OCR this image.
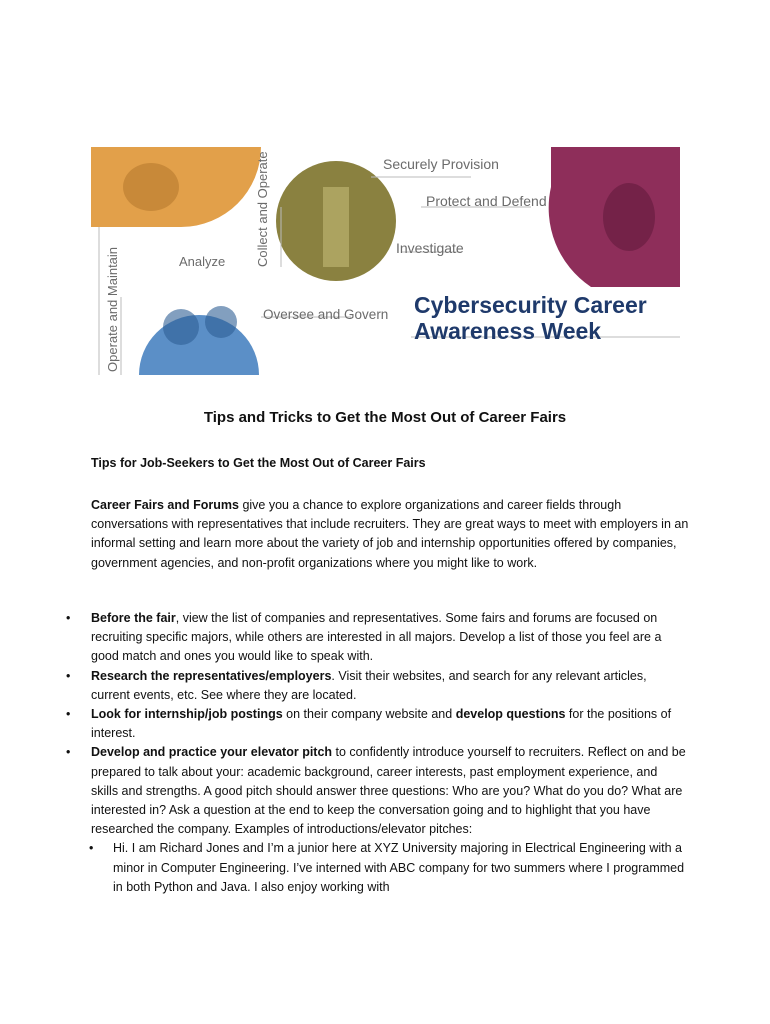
Operate and Maintain	Analyze Collect and Operate	Securely Provision
Protect and Defend
Investigate
Oversee and Govern Cybersecurity Career
Awareness Week
Tips and Tricks to Get the Most Out of Career Fairs
Tips for Job-Seekers to Get the Most Out of Career Fairs
Career Fairs and Forums give you a chance to explore organizations and career fields through conversations with representatives that include recruiters. They are great ways to meet with employers in an informal setting and learn more about the variety of job and internship opportunities offered by companies, government agencies, and non-profit organizations where you might like to work.
•	Before the fair, view the list of companies and representatives. Some fairs and forums are focused on recruiting specific majors, while others are interested in all majors. Develop a list of those you feel are a good match and ones you would like to speak with.
•	Research the representatives/employers. Visit their websites, and search for any relevant articles, current events, etc. See where they are located.
•	Look for internship/job postings on their company website and develop questions for the positions of interest.
•	Develop and practice your elevator pitch to confidently introduce yourself to recruiters. Reflect on and be prepared to talk about your: academic background, career interests, past employment experience, and skills and strengths. A good pitch should answer three questions: Who are you? What do you do? What are interested in? Ask a question at the end to keep the conversation going and to highlight that you have researched the company. Examples of introductions/elevator pitches:
• Hi. I am Richard Jones and I’m a junior here at XYZ University majoring in Electrical Engineering with a minor in Computer Engineering. I’ve interned with ABC company for two summers where I programmed in both Python and Java. I also enjoy working with
